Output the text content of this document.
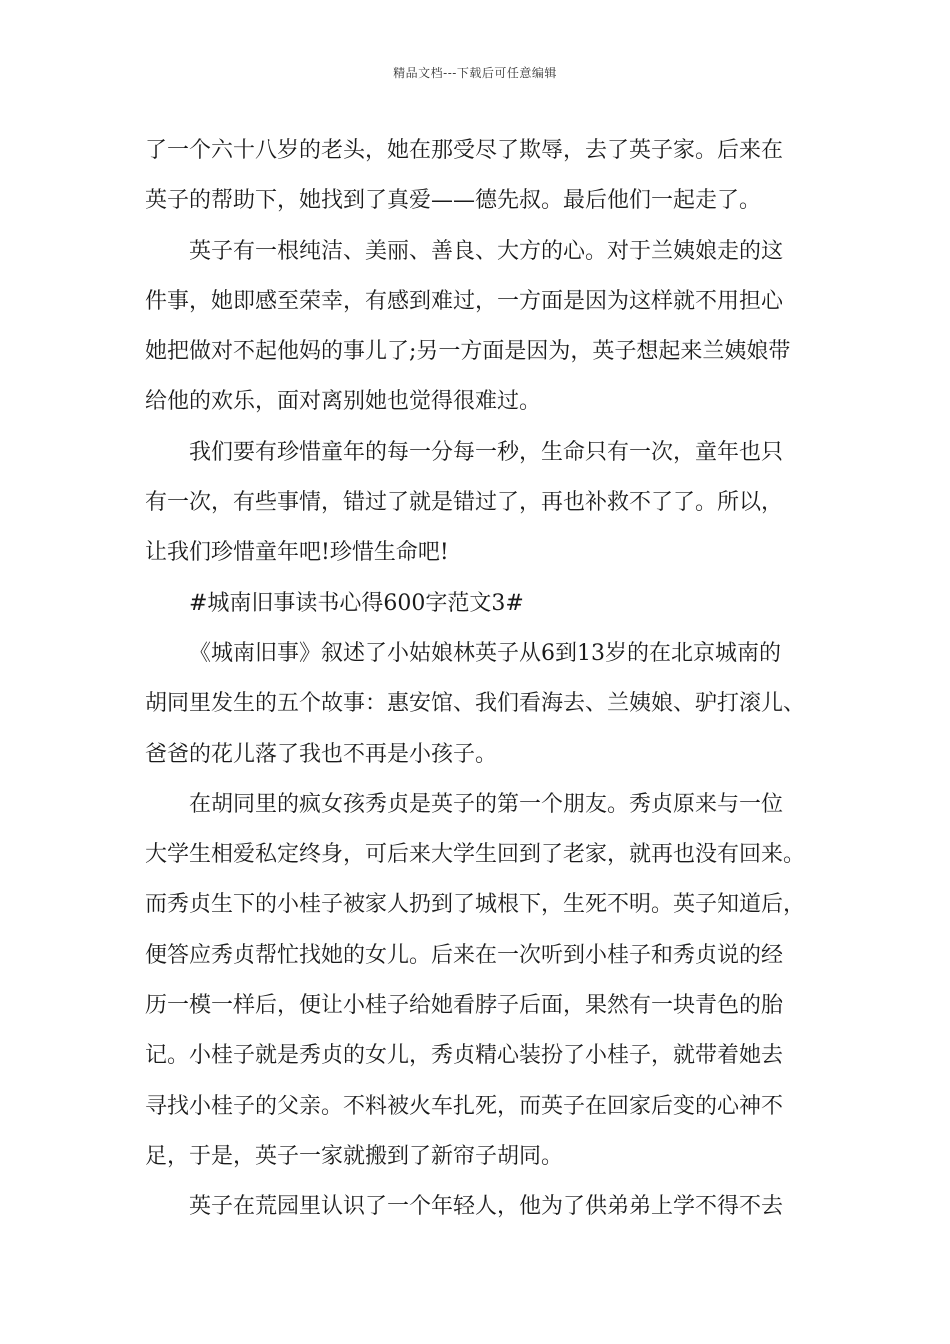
精品文档---下载后可任意编辑
了一个六十八岁的老头，她在那受尽了欺辱，去了英子家。后来在
英子的帮助下，她找到了真爱——德先叔。最后他们一起走了。
英子有一根纯洁、美丽、善良、大方的心。对于兰姨娘走的这
件事，她即感至荣幸，有感到难过，一方面是因为这样就不用担心
她把做对不起他妈的事儿了;另一方面是因为，英子想起来兰姨娘带
给他的欢乐，面对离别她也觉得很难过。
我们要有珍惜童年的每一分每一秒，生命只有一次，童年也只
有一次，有些事情，错过了就是错过了，再也补救不了了。所以，
让我们珍惜童年吧!珍惜生命吧!
#城南旧事读书心得600字范文3#
《城南旧事》叙述了小姑娘林英子从6到13岁的在北京城南的
胡同里发生的五个故事：惠安馆、我们看海去、兰姨娘、驴打滚儿、
爸爸的花儿落了我也不再是小孩子。
在胡同里的疯女孩秀贞是英子的第一个朋友。秀贞原来与一位
大学生相爱私定终身，可后来大学生回到了老家，就再也没有回来。
而秀贞生下的小桂子被家人扔到了城根下，生死不明。英子知道后，
便答应秀贞帮忙找她的女儿。后来在一次听到小桂子和秀贞说的经
历一模一样后，便让小桂子给她看脖子后面，果然有一块青色的胎
记。小桂子就是秀贞的女儿，秀贞精心装扮了小桂子，就带着她去
寻找小桂子的父亲。不料被火车扎死，而英子在回家后变的心神不
足，于是，英子一家就搬到了新帘子胡同。
英子在荒园里认识了一个年轻人，他为了供弟弟上学不得不去
